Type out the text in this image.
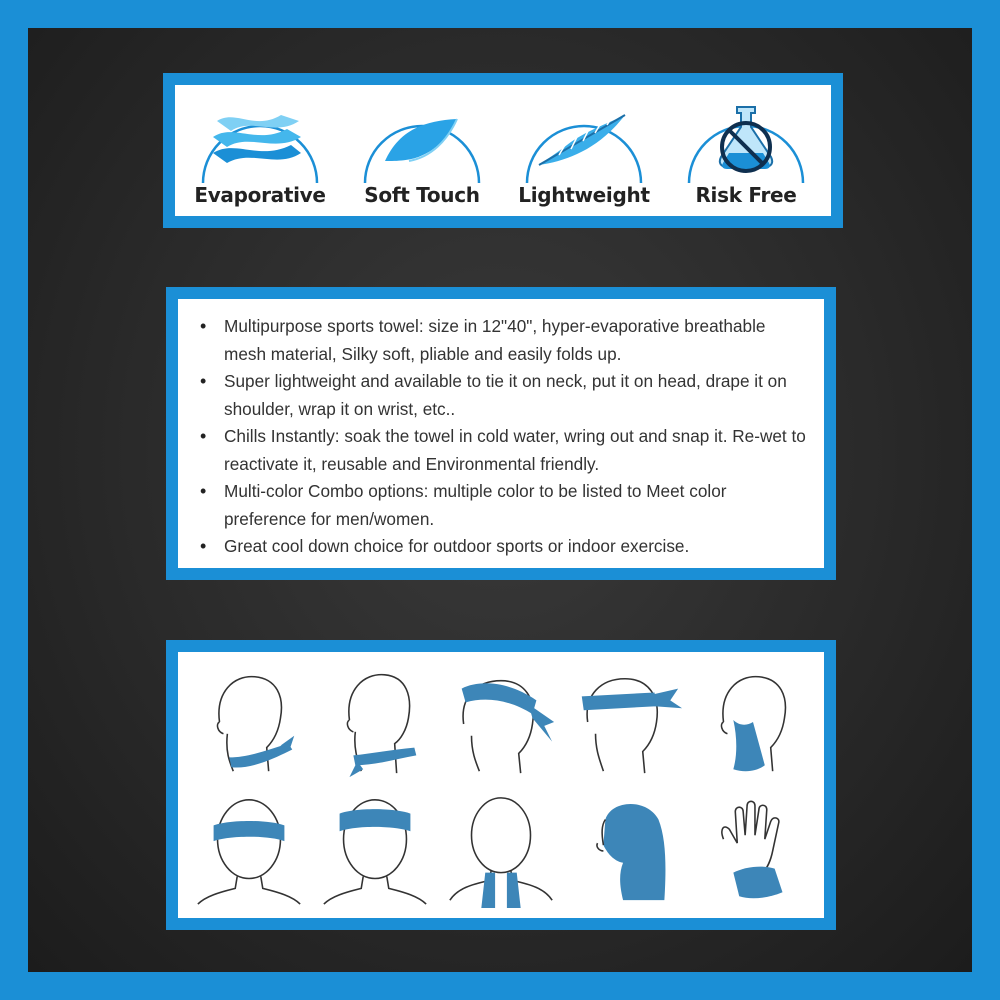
Evaporative	Soft Touch	Lightweight	Risk Free
• Multipurpose sports towel: size in 12"40", hyper-evaporative breathable mesh material, Silky soft, pliable and easily folds up.
• Super lightweight and available to tie it on neck, put it on head, drape it on shoulder, wrap it on wrist, etc..
• Chills Instantly: soak the towel in cold water, wring out and snap it. Re-wet to reactivate it, reusable and Environmental friendly.
• Multi-color Combo options: multiple color to be listed to Meet color preference for men/women.
• Great cool down choice for outdoor sports or indoor exercise.
